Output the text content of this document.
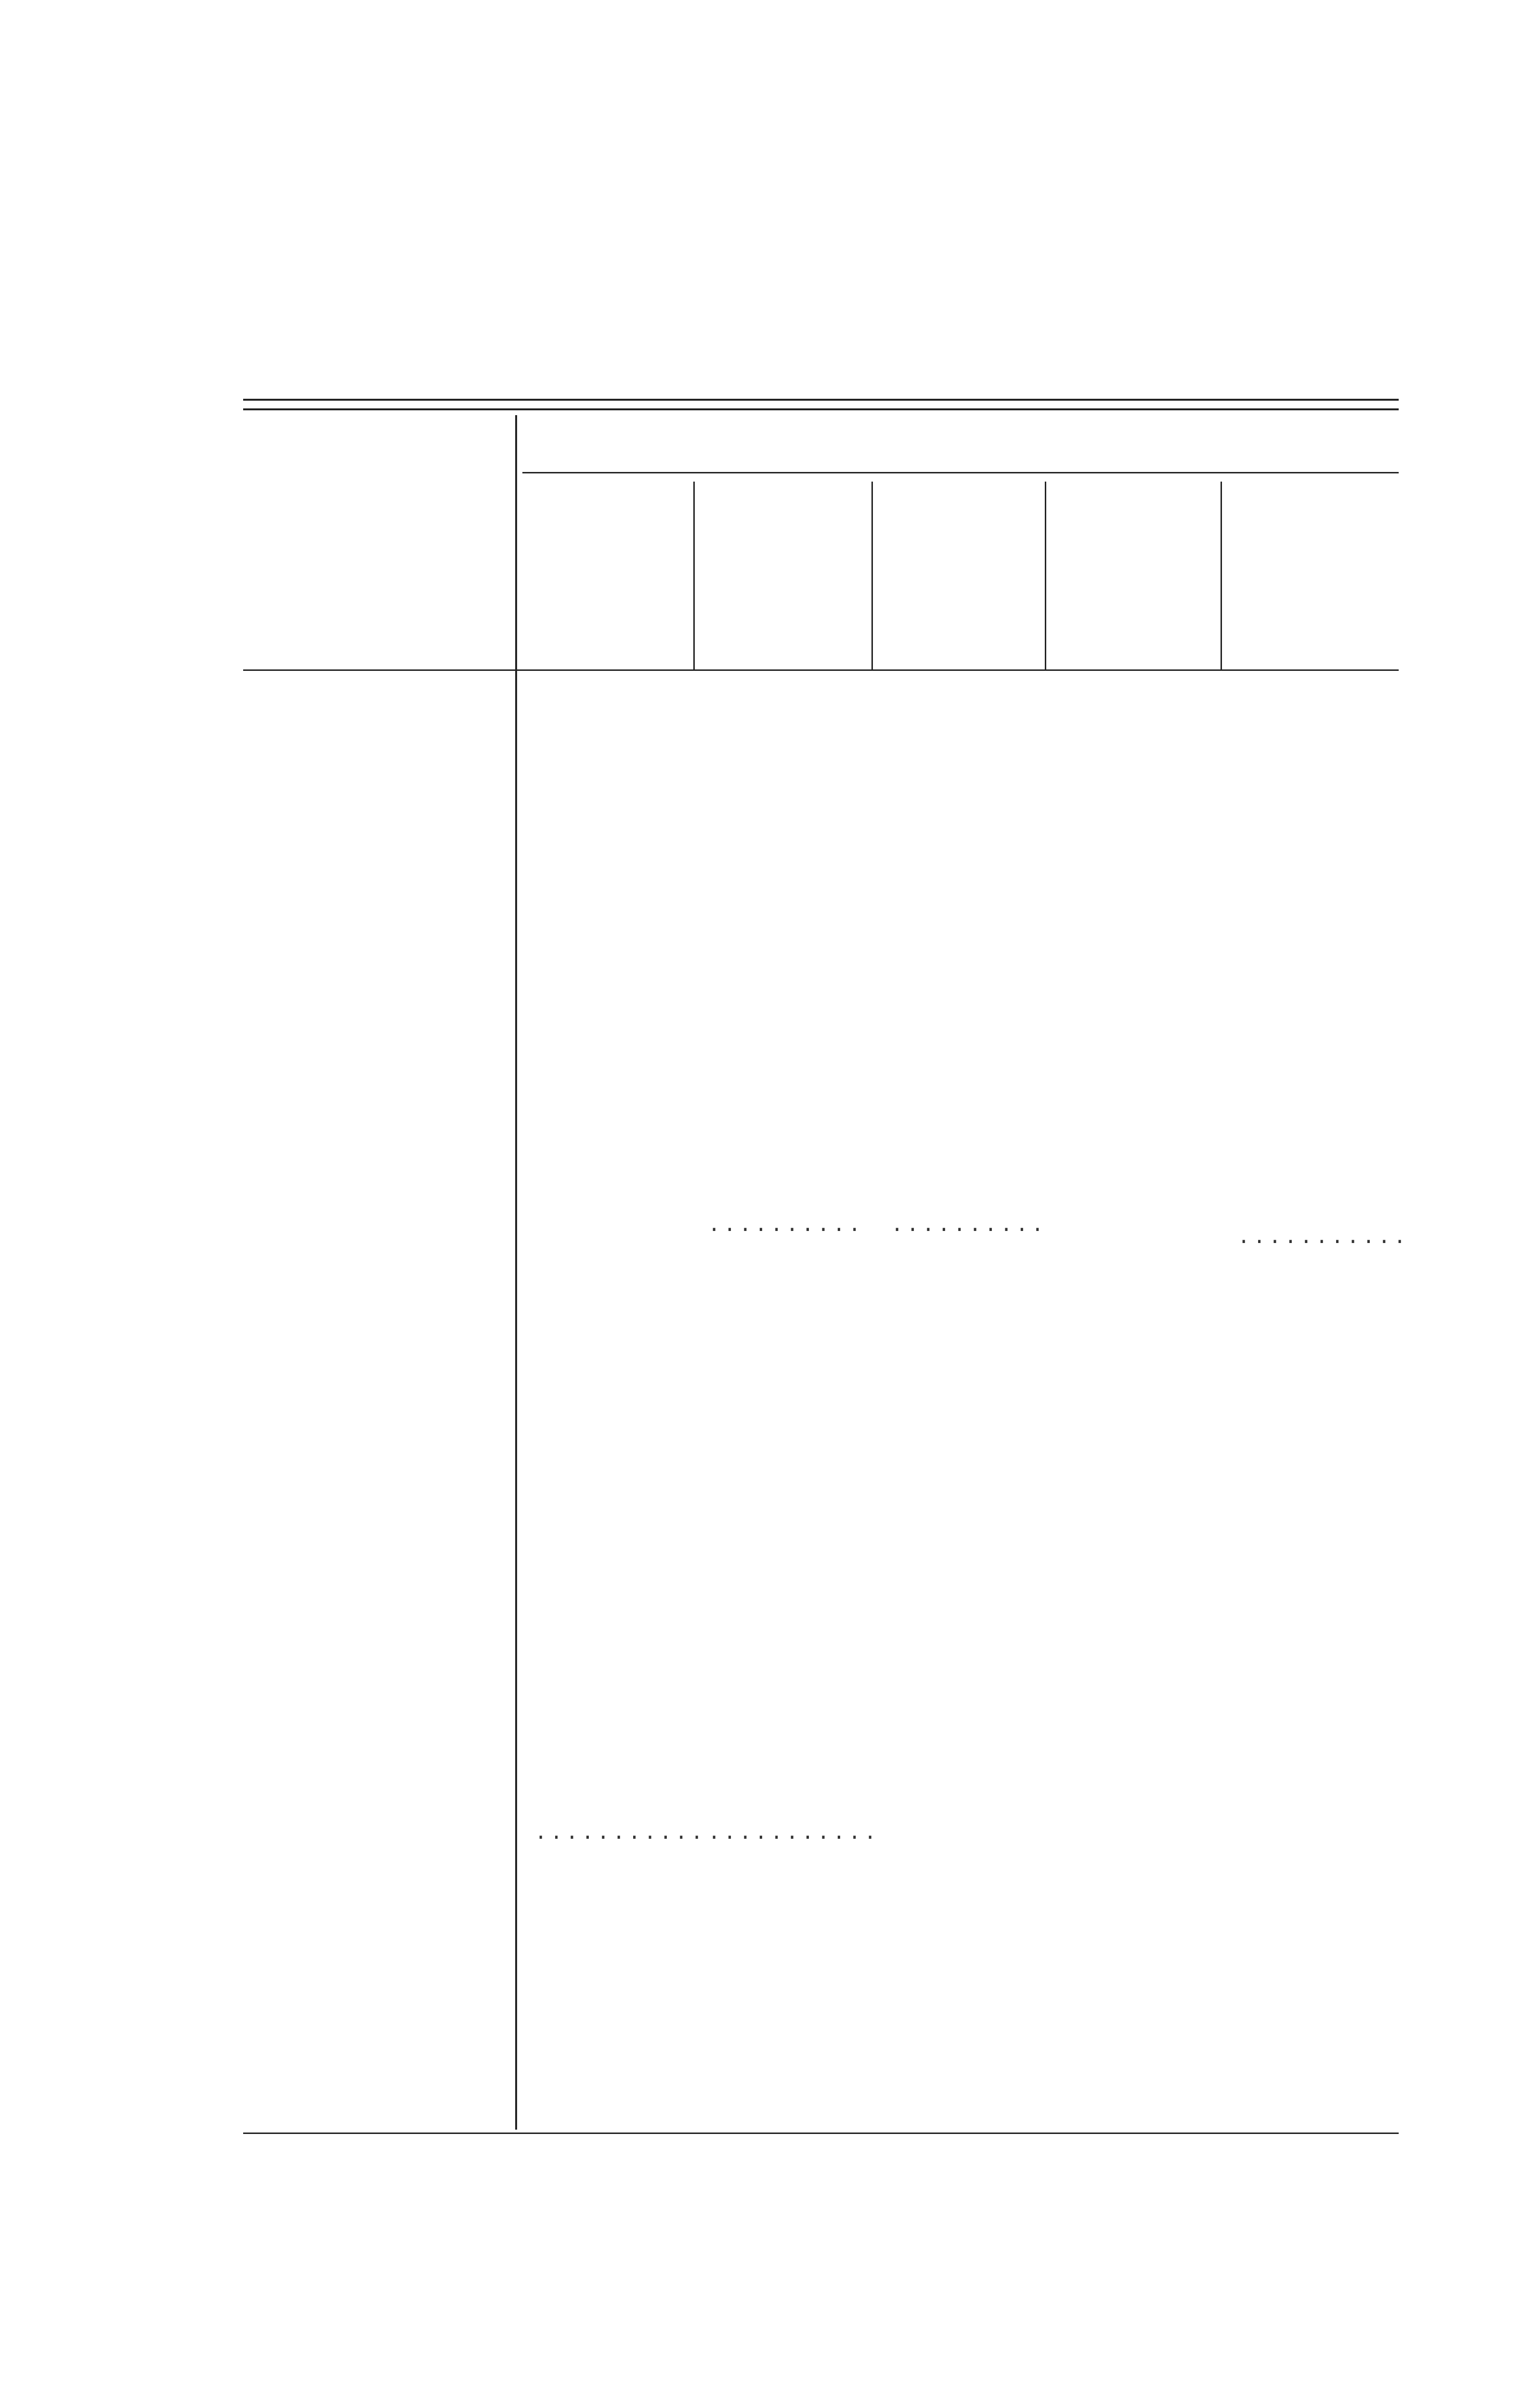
.......... ..........	...........
........... ...........
